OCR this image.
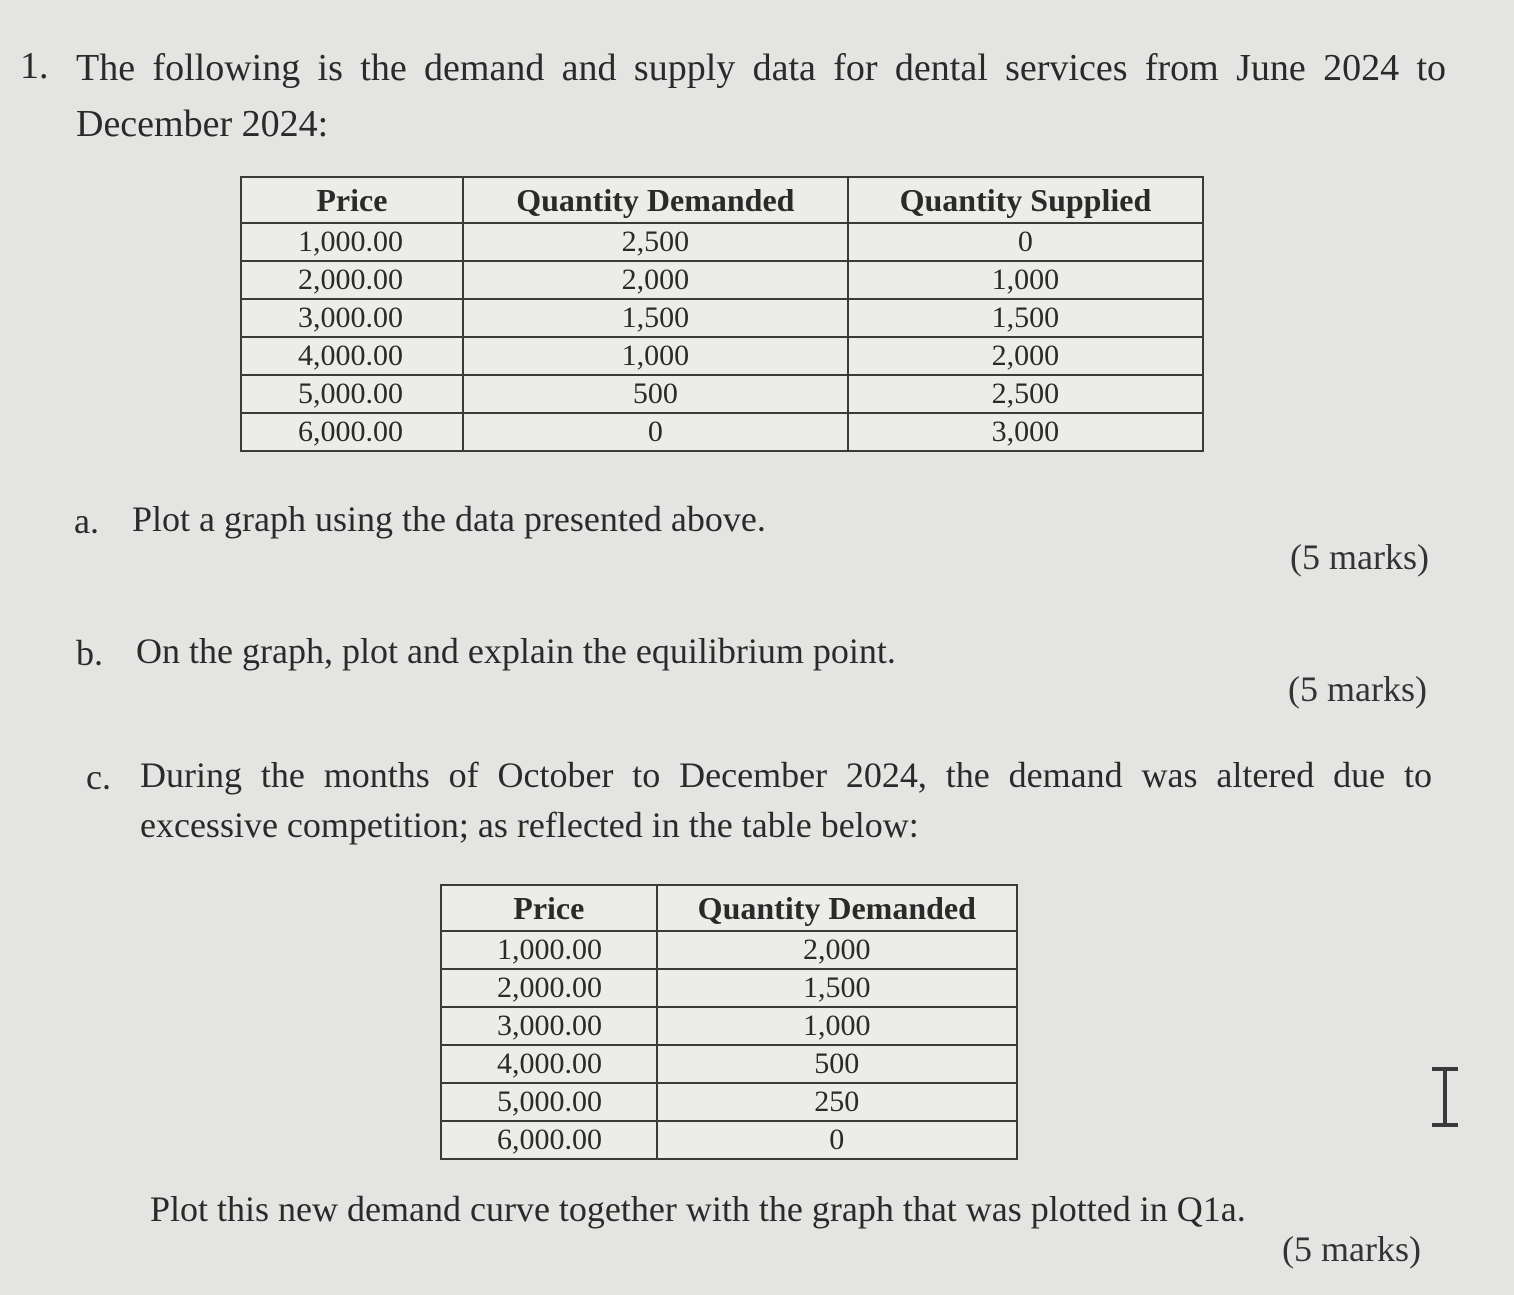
1. The following is the demand and supply data for dental services from June 2024 to December 2024:
Price	Quantity Demanded	Quantity Supplied
1,000.00	2,500	0
2,000.00	2,000	1,000
3,000.00	1,500	1,500
4,000.00	1,000	2,000
5,000.00	500	2,500
6,000.00	0	3,000
a. Plot a graph using the data presented above.
(5 marks)
b. On the graph, plot and explain the equilibrium point.
(5 marks)
c. During the months of October to December 2024, the demand was altered due to excessive competition; as reflected in the table below:
Price	Quantity Demanded
1,000.00	2,000
2,000.00	1,500
3,000.00	1,000
4,000.00	500
5,000.00	250
6,000.00	0
Plot this new demand curve together with the graph that was plotted in Q1a.
(5 marks)
